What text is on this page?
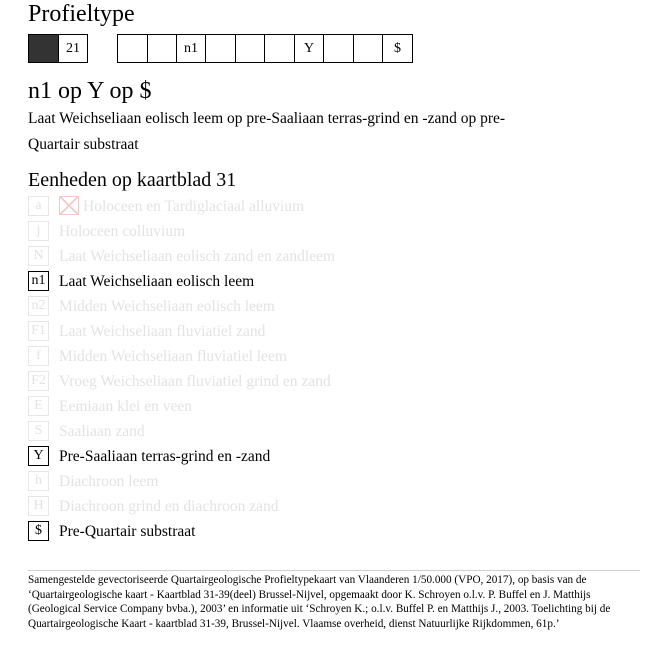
Profieltype
21	n1	Y	$
n1 op Y op $
Laat Weichseliaan eolisch leem op pre-Saaliaan terras-grind en -zand op pre-Quartair substraat
Eenheden op kaartblad 31
a	Holoceen en Tardiglaciaal alluvium
j	Holoceen colluvium
N Laat Weichseliaan eolisch zand en zandleem
n1 Laat Weichseliaan eolisch leem
n2 Midden Weichseliaan eolisch leem
F1 Laat Weichseliaan fluviatiel zand
f	Midden Weichseliaan fluviatiel leem
F2 Vroeg Weichseliaan fluviatiel grind en zand
E	Eemiaan klei en veen
S	Saaliaan zand
Y Pre-Saaliaan terras-grind en -zand
h	Diachroon leem
H Diachroon grind en diachroon zand
$	Pre-Quartair substraat
Samengestelde gevectoriseerde Quartairgeologische Profieltypekaart van Vlaanderen 1/50.000 (VPO, 2017), op basis van de ‘Quartairgeologische kaart - Kaartblad 31-39(deel) Brussel-Nijvel, opgemaakt door K. Schroyen o.l.v. P. Buffel en J. Matthijs (Geological Service Company bvba.), 2003’ en informatie uit ‘Schroyen K.; o.l.v. Buffel P. en Matthijs J., 2003. Toelichting bij de Quartairgeologische Kaart - kaartblad 31-39, Brussel-Nijvel. Vlaamse overheid, dienst Natuurlijke Rijkdommen, 61p.’
